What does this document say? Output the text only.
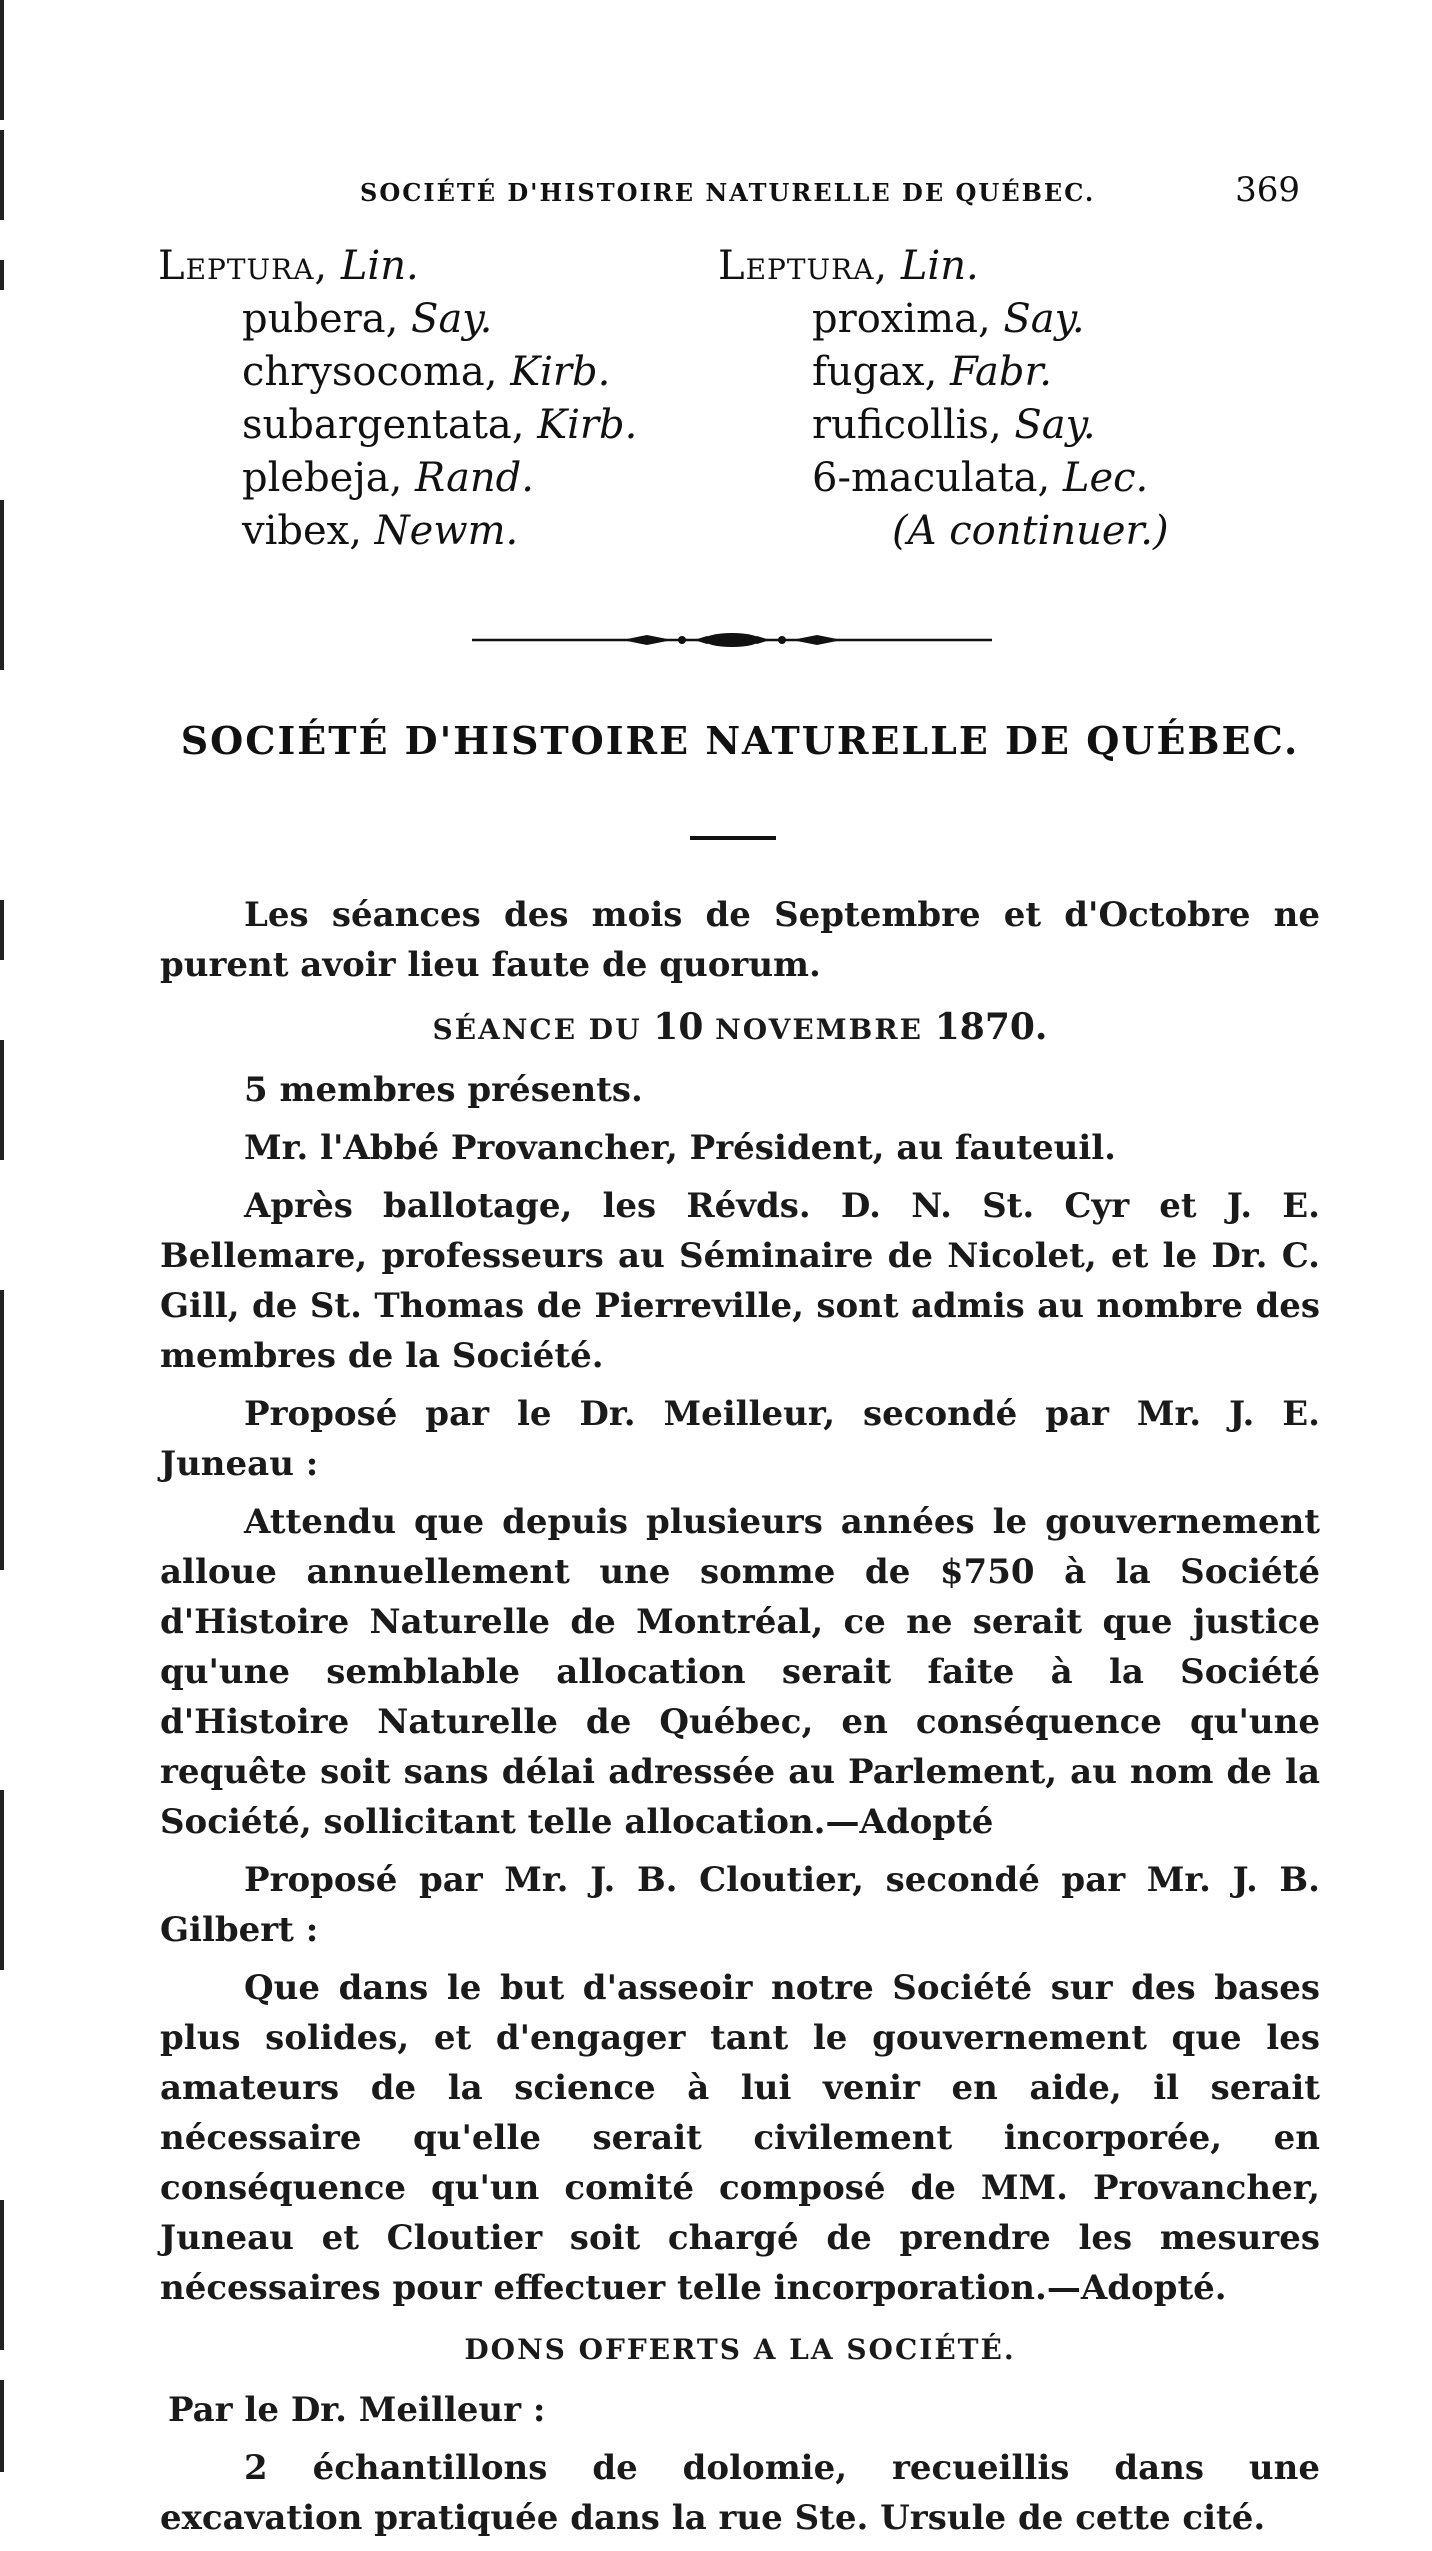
SOCIÉTÉ D'HISTOIRE NATURELLE DE QUÉBEC.	369
Leptura, Lin.
pubera, Say.
chrysocoma, Kirb.
subargentata, Kirb.
plebeja, Rand.
vibex, Newm.
Leptura, Lin.
proxima, Say.
fugax, Fabr.
ruficollis, Say.
6-maculata, Lec.
(A continuer.)
SOCIÉTÉ D'HISTOIRE NATURELLE DE QUÉBEC.

Les séances des mois de Septembre et d'Octobre ne purent avoir lieu faute de quorum.

SÉANCE DU 10 NOVEMBRE 1870.

5 membres présents.

Mr. l'Abbé Provancher, Président, au fauteuil.

Après ballotage, les Révds. D. N. St. Cyr et J. E. Bellemare, professeurs au Séminaire de Nicolet, et le Dr. C. Gill, de St. Thomas de Pierreville, sont admis au nombre des membres de la Société.

Proposé par le Dr. Meilleur, secondé par Mr. J. E. Juneau :

Attendu que depuis plusieurs années le gouvernement alloue annuellement une somme de $750 à la Société d'Histoire Naturelle de Montréal, ce ne serait que justice qu'une semblable allocation serait faite à la Société d'Histoire Naturelle de Québec, en conséquence qu'une requête soit sans délai adressée au Parlement, au nom de la Société, sollicitant telle allocation.—Adopté

Proposé par Mr. J. B. Cloutier, secondé par Mr. J. B. Gilbert :

Que dans le but d'asseoir notre Société sur des bases plus solides, et d'engager tant le gouvernement que les amateurs de la science à lui venir en aide, il serait nécessaire qu'elle serait civilement incorporée, en conséquence qu'un comité composé de MM. Provancher, Juneau et Cloutier soit chargé de prendre les mesures nécessaires pour effectuer telle incorporation.—Adopté.

DONS OFFERTS A LA SOCIÉTÉ.

Par le Dr. Meilleur :

2 échantillons de dolomie, recueillis dans une excavation pratiquée dans la rue Ste. Ursule de cette cité.
